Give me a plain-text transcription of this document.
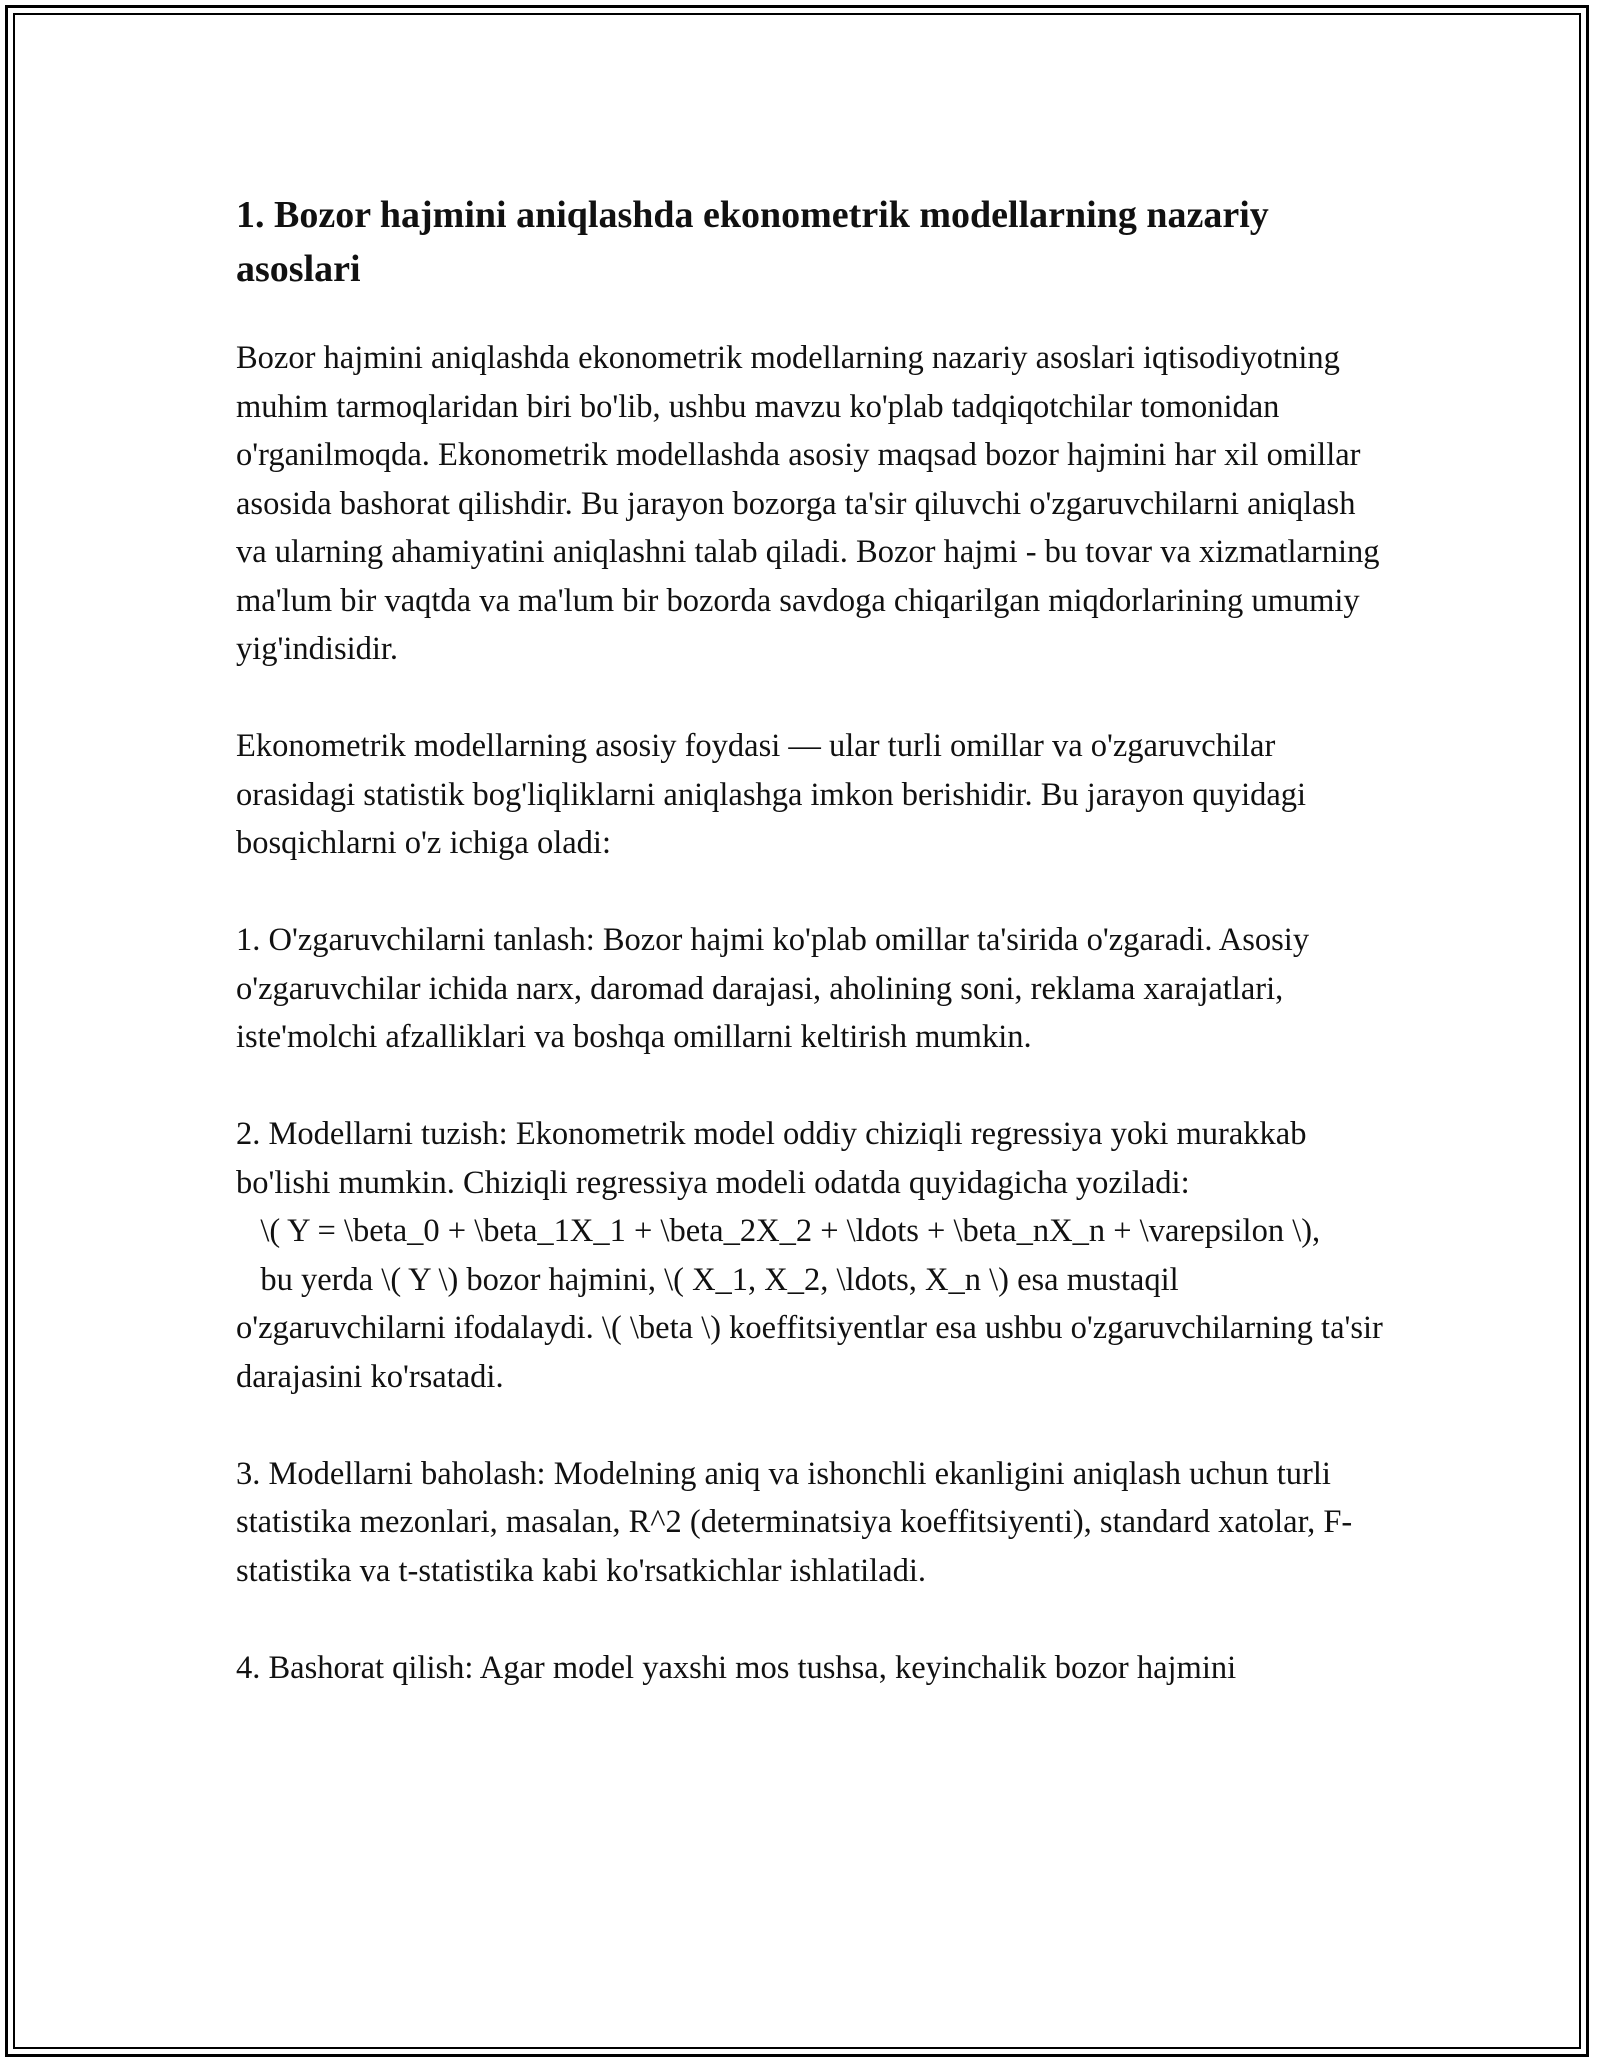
1. Bozor hajmini aniqlashda ekonometrik modellarning nazariy asoslari

Bozor hajmini aniqlashda ekonometrik modellarning nazariy asoslari iqtisodiyotning muhim tarmoqlaridan biri bo'lib, ushbu mavzu ko'plab tadqiqotchilar tomonidan o'rganilmoqda. Ekonometrik modellashda asosiy maqsad bozor hajmini har xil omillar asosida bashorat qilishdir. Bu jarayon bozorga ta'sir qiluvchi o'zgaruvchilarni aniqlash va ularning ahamiyatini aniqlashni talab qiladi. Bozor hajmi - bu tovar va xizmatlarning ma'lum bir vaqtda va ma'lum bir bozorda savdoga chiqarilgan miqdorlarining umumiy yig'indisidir.

Ekonometrik modellarning asosiy foydasi — ular turli omillar va o'zgaruvchilar orasidagi statistik bog'liqliklarni aniqlashga imkon berishidir. Bu jarayon quyidagi bosqichlarni o'z ichiga oladi:

1. O'zgaruvchilarni tanlash: Bozor hajmi ko'plab omillar ta'sirida o'zgaradi. Asosiy o'zgaruvchilar ichida narx, daromad darajasi, aholining soni, reklama xarajatlari, iste'molchi afzalliklari va boshqa omillarni keltirish mumkin.

2. Modellarni tuzish: Ekonometrik model oddiy chiziqli regressiya yoki murakkab bo'lishi mumkin. Chiziqli regressiya modeli odatda quyidagicha yoziladi:
\( Y = \beta_0 + \beta_1X_1 + \beta_2X_2 + \ldots + \beta_nX_n + \varepsilon \),
bu yerda \( Y \) bozor hajmini, \( X_1, X_2, \ldots, X_n \) esa mustaqil o'zgaruvchilarni ifodalaydi. \( \beta \) koeffitsiyentlar esa ushbu o'zgaruvchilarning ta'sir darajasini ko'rsatadi.

3. Modellarni baholash: Modelning aniq va ishonchli ekanligini aniqlash uchun turli statistika mezonlari, masalan, R^2 (determinatsiya koeffitsiyenti), standard xatolar, F-statistika va t-statistika kabi ko'rsatkichlar ishlatiladi.

4. Bashorat qilish: Agar model yaxshi mos tushsa, keyinchalik bozor hajmini
